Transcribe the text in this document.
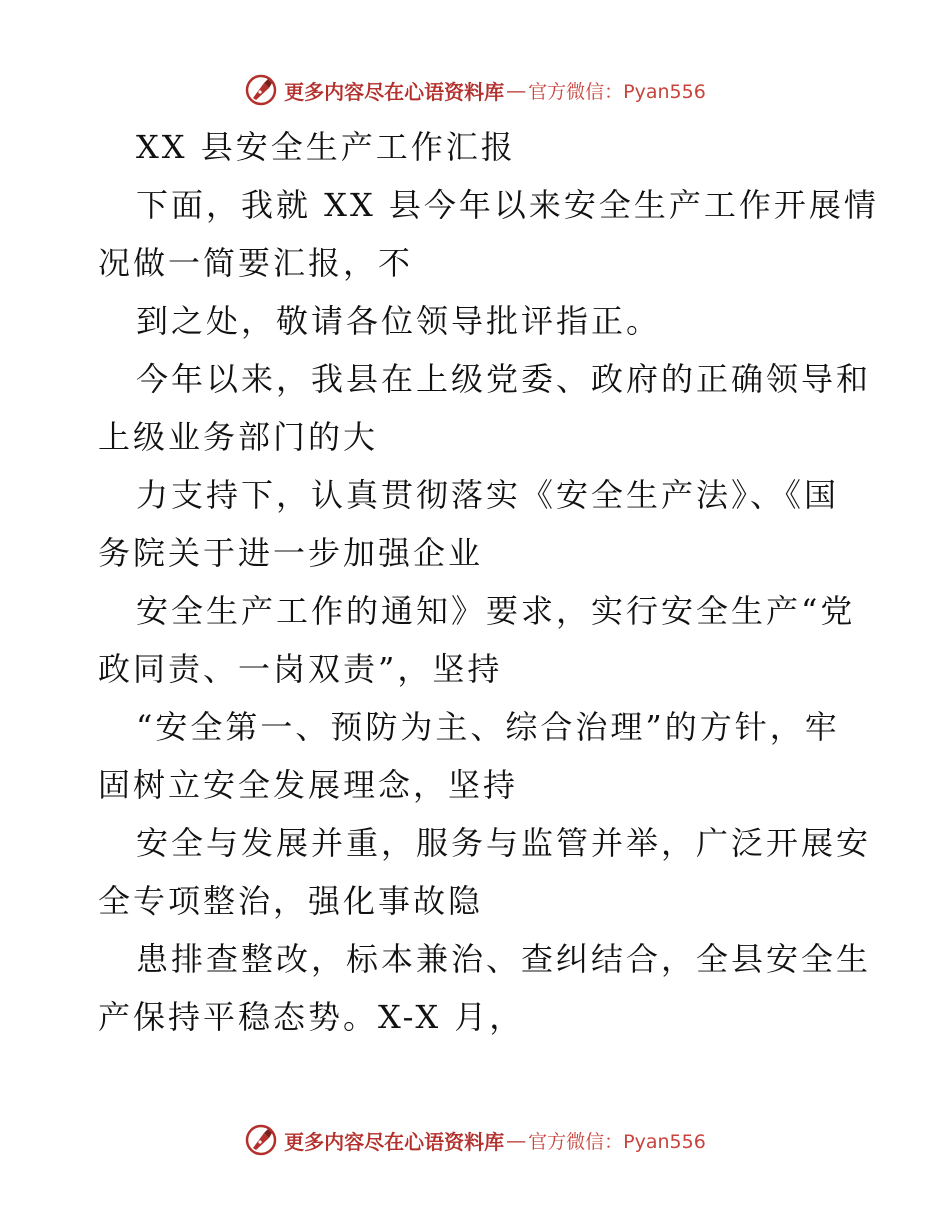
更多内容尽在心语资料库 — 官方微信：Pyan556
XX 县安全生产工作汇报
下面，我就 XX 县今年以来安全生产工作开展情
况做一简要汇报，不
到之处，敬请各位领导批评指正。
今年以来，我县在上级党委、政府的正确领导和
上级业务部门的大
力支持下，认真贯彻落实《安全生产法》、《国
务院关于进一步加强企业
安全生产工作的通知》要求，实行安全生产“党
政同责、一岗双责”，坚持
“安全第一、预防为主、综合治理”的方针，牢
固树立安全发展理念，坚持
安全与发展并重，服务与监管并举，广泛开展安
全专项整治，强化事故隐
患排查整改，标本兼治、查纠结合，全县安全生
产保持平稳态势。X-X 月，
更多内容尽在心语资料库 — 官方微信：Pyan556
